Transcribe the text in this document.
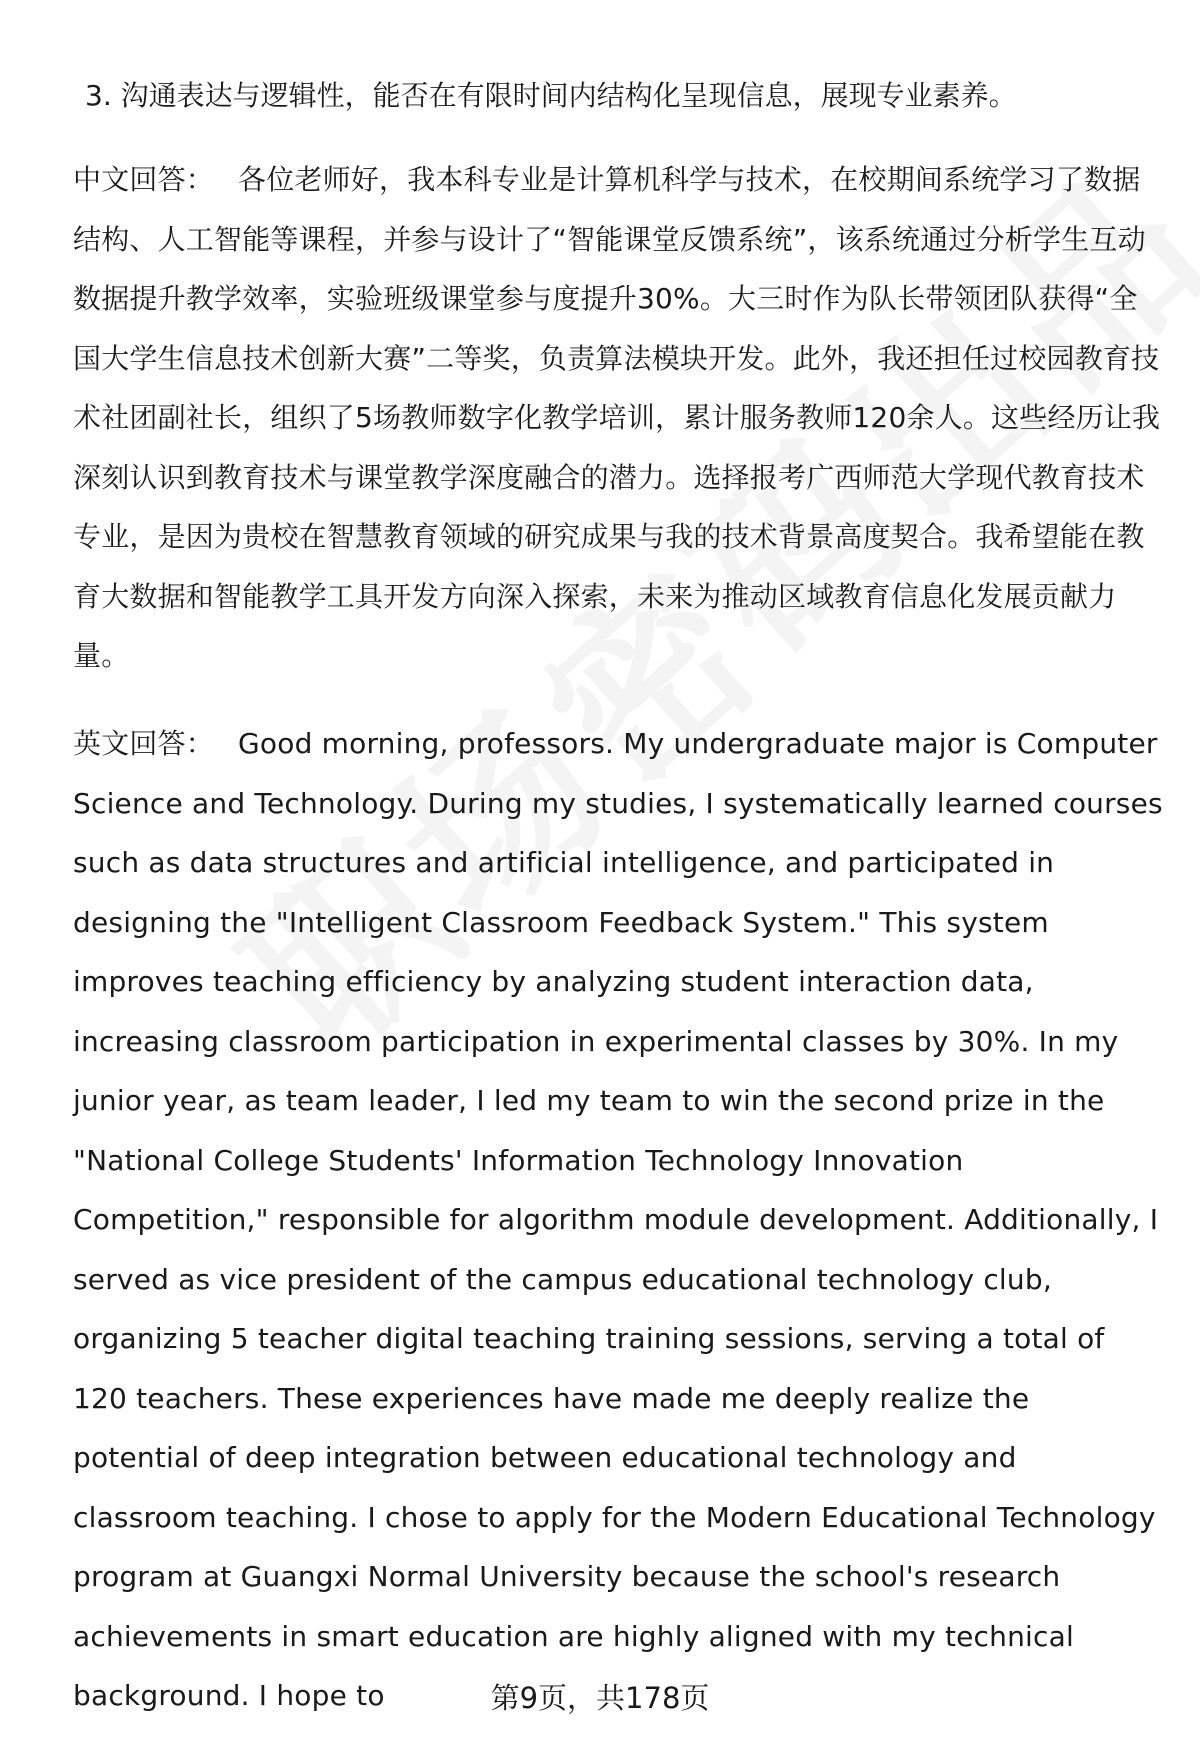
3. 沟通表达与逻辑性，能否在有限时间内结构化呈现信息，展现专业素养。
中文回答： 各位老师好，我本科专业是计算机科学与技术，在校期间系统学习了数据结构、人工智能等课程，并参与设计了“智能课堂反馈系统”，该系统通过分析学生互动数据提升教学效率，实验班级课堂参与度提升30%。大三时作为队长带领团队获得“全国大学生信息技术创新大赛”二等奖，负责算法模块开发。此外，我还担任过校园教育技术社团副社长，组织了5场教师数字化教学培训，累计服务教师120余人。这些经历让我深刻认识到教育技术与课堂教学深度融合的潜力。选择报考广西师范大学现代教育技术专业，是因为贵校在智慧教育领域的研究成果与我的技术背景高度契合。我希望能在教育大数据和智能教学工具开发方向深入探索，未来为推动区域教育信息化发展贡献力量。
英文回答： Good morning, professors. My undergraduate major is Computer Science and Technology. During my studies, I systematically learned courses such as data structures and artificial intelligence, and participated in designing the "Intelligent Classroom Feedback System." This system improves teaching efficiency by analyzing student interaction data, increasing classroom participation in experimental classes by 30%. In my junior year, as team leader, I led my team to win the second prize in the "National College Students' Information Technology Innovation Competition," responsible for algorithm module development. Additionally, I served as vice president of the campus educational technology club, organizing 5 teacher digital teaching training sessions, serving a total of 120 teachers. These experiences have made me deeply realize the potential of deep integration between educational technology and classroom teaching. I chose to apply for the Modern Educational Technology program at Guangxi Normal University because the school's research achievements in smart education are highly aligned with my technical background. I hope to	第9页，共178页
